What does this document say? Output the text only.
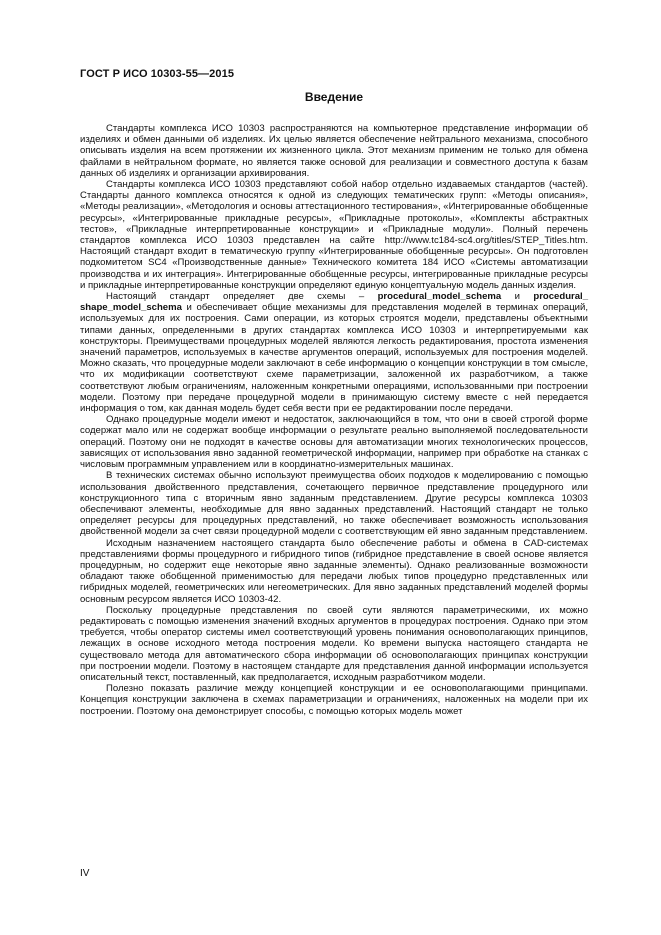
ГОСТ Р ИСО 10303-55—2015
Введение

Стандарты комплекса ИСО 10303 распространяются на компьютерное представление информации об изделиях и обмен данными об изделиях. Их целью является обеспечение нейтрального механизма, способного описывать изделия на всем протяжении их жизненного цикла. Этот механизм применим не только для обмена файлами в нейтральном формате, но является также основой для реализации и совместного доступа к базам данных об изделиях и организации архивирования.

Стандарты комплекса ИСО 10303 представляют собой набор отдельно издаваемых стандартов (частей). Стандарты данного комплекса относятся к одной из следующих тематических групп: «Методы описания», «Методы реализации», «Методология и основы аттестационного тестирования», «Интегрированные обобщенные ресурсы», «Интегрированные прикладные ресурсы», «Прикладные протоколы», «Комплекты абстрактных тестов», «Прикладные интерпретированные конструкции» и «Прикладные модули». Полный перечень стандартов комплекса ИСО 10303 представлен на сайте http://www.tc184-sc4.org/titles/STEP_Titles.htm. Настоящий стандарт входит в тематическую группу «Интегрированные обобщенные ресурсы». Он подготовлен подкомитетом SC4 «Производственные данные» Технического комитета 184 ИСО «Системы автоматизации производства и их интеграция». Интегрированные обобщенные ресурсы, интегрированные прикладные ресурсы и прикладные интерпретированные конструкции определяют единую концептуальную модель данных изделия.

Настоящий стандарт определяет две схемы – procedural_model_schema и procedural_ shape_model_schema и обеспечивает общие механизмы для представления моделей в терминах операций, используемых для их построения. Сами операции, из которых строятся модели, представлены объектными типами данных, определенными в других стандартах комплекса ИСО 10303 и интерпретируемыми как конструкторы. Преимуществами процедурных моделей являются легкость редактирования, простота изменения значений параметров, используемых в качестве аргументов операций, используемых для построения моделей. Можно сказать, что процедурные модели заключают в себе информацию о концепции конструкции в том смысле, что их модификации соответствуют схеме параметризации, заложенной их разработчиком, а также соответствуют любым ограничениям, наложенным конкретными операциями, использованными при построении модели. Поэтому при передаче процедурной модели в принимающую систему вместе с ней передается информация о том, как данная модель будет себя вести при ее редактировании после передачи.

Однако процедурные модели имеют и недостаток, заключающийся в том, что они в своей строгой форме содержат мало или не содержат вообще информации о результате реально выполняемой последовательности операций. Поэтому они не подходят в качестве основы для автоматизации многих технологических процессов, зависящих от использования явно заданной геометрической информации, например при обработке на станках с числовым программным управлением или в координатно-измерительных машинах.

В технических системах обычно используют преимущества обоих подходов к моделированию с помощью использования двойственного представления, сочетающего первичное представление процедурного или конструкционного типа с вторичным явно заданным представлением. Другие ресурсы комплекса 10303 обеспечивают элементы, необходимые для явно заданных представлений. Настоящий стандарт не только определяет ресурсы для процедурных представлений, но также обеспечивает возможность использования двойственной модели за счет связи процедурной модели с соответствующим ей явно заданным представлением.

Исходным назначением настоящего стандарта было обеспечение работы и обмена в CAD-системах представлениями формы процедурного и гибридного типов (гибридное представление в своей основе является процедурным, но содержит еще некоторые явно заданные элементы). Однако реализованные возможности обладают также обобщенной применимостью для передачи любых типов процедурно представленных или гибридных моделей, геометрических или негеометрических. Для явно заданных представлений моделей формы основным ресурсом является ИСО 10303-42.

Поскольку процедурные представления по своей сути являются параметрическими, их можно редактировать с помощью изменения значений входных аргументов в процедурах построения. Однако при этом требуется, чтобы оператор системы имел соответствующий уровень понимания основополагающих принципов, лежащих в основе исходного метода построения модели. Ко времени выпуска настоящего стандарта не существовало метода для автоматического сбора информации об основополагающих принципах конструкции при построении модели. Поэтому в настоящем стандарте для представления данной информации используется описательный текст, поставленный, как предполагается, исходным разработчиком модели.

Полезно показать различие между концепцией конструкции и ее основополагающими принципами. Концепция конструкции заключена в схемах параметризации и ограничениях, наложенных на модели при их построении. Поэтому она демонстрирует способы, с помощью которых модель может

IV
